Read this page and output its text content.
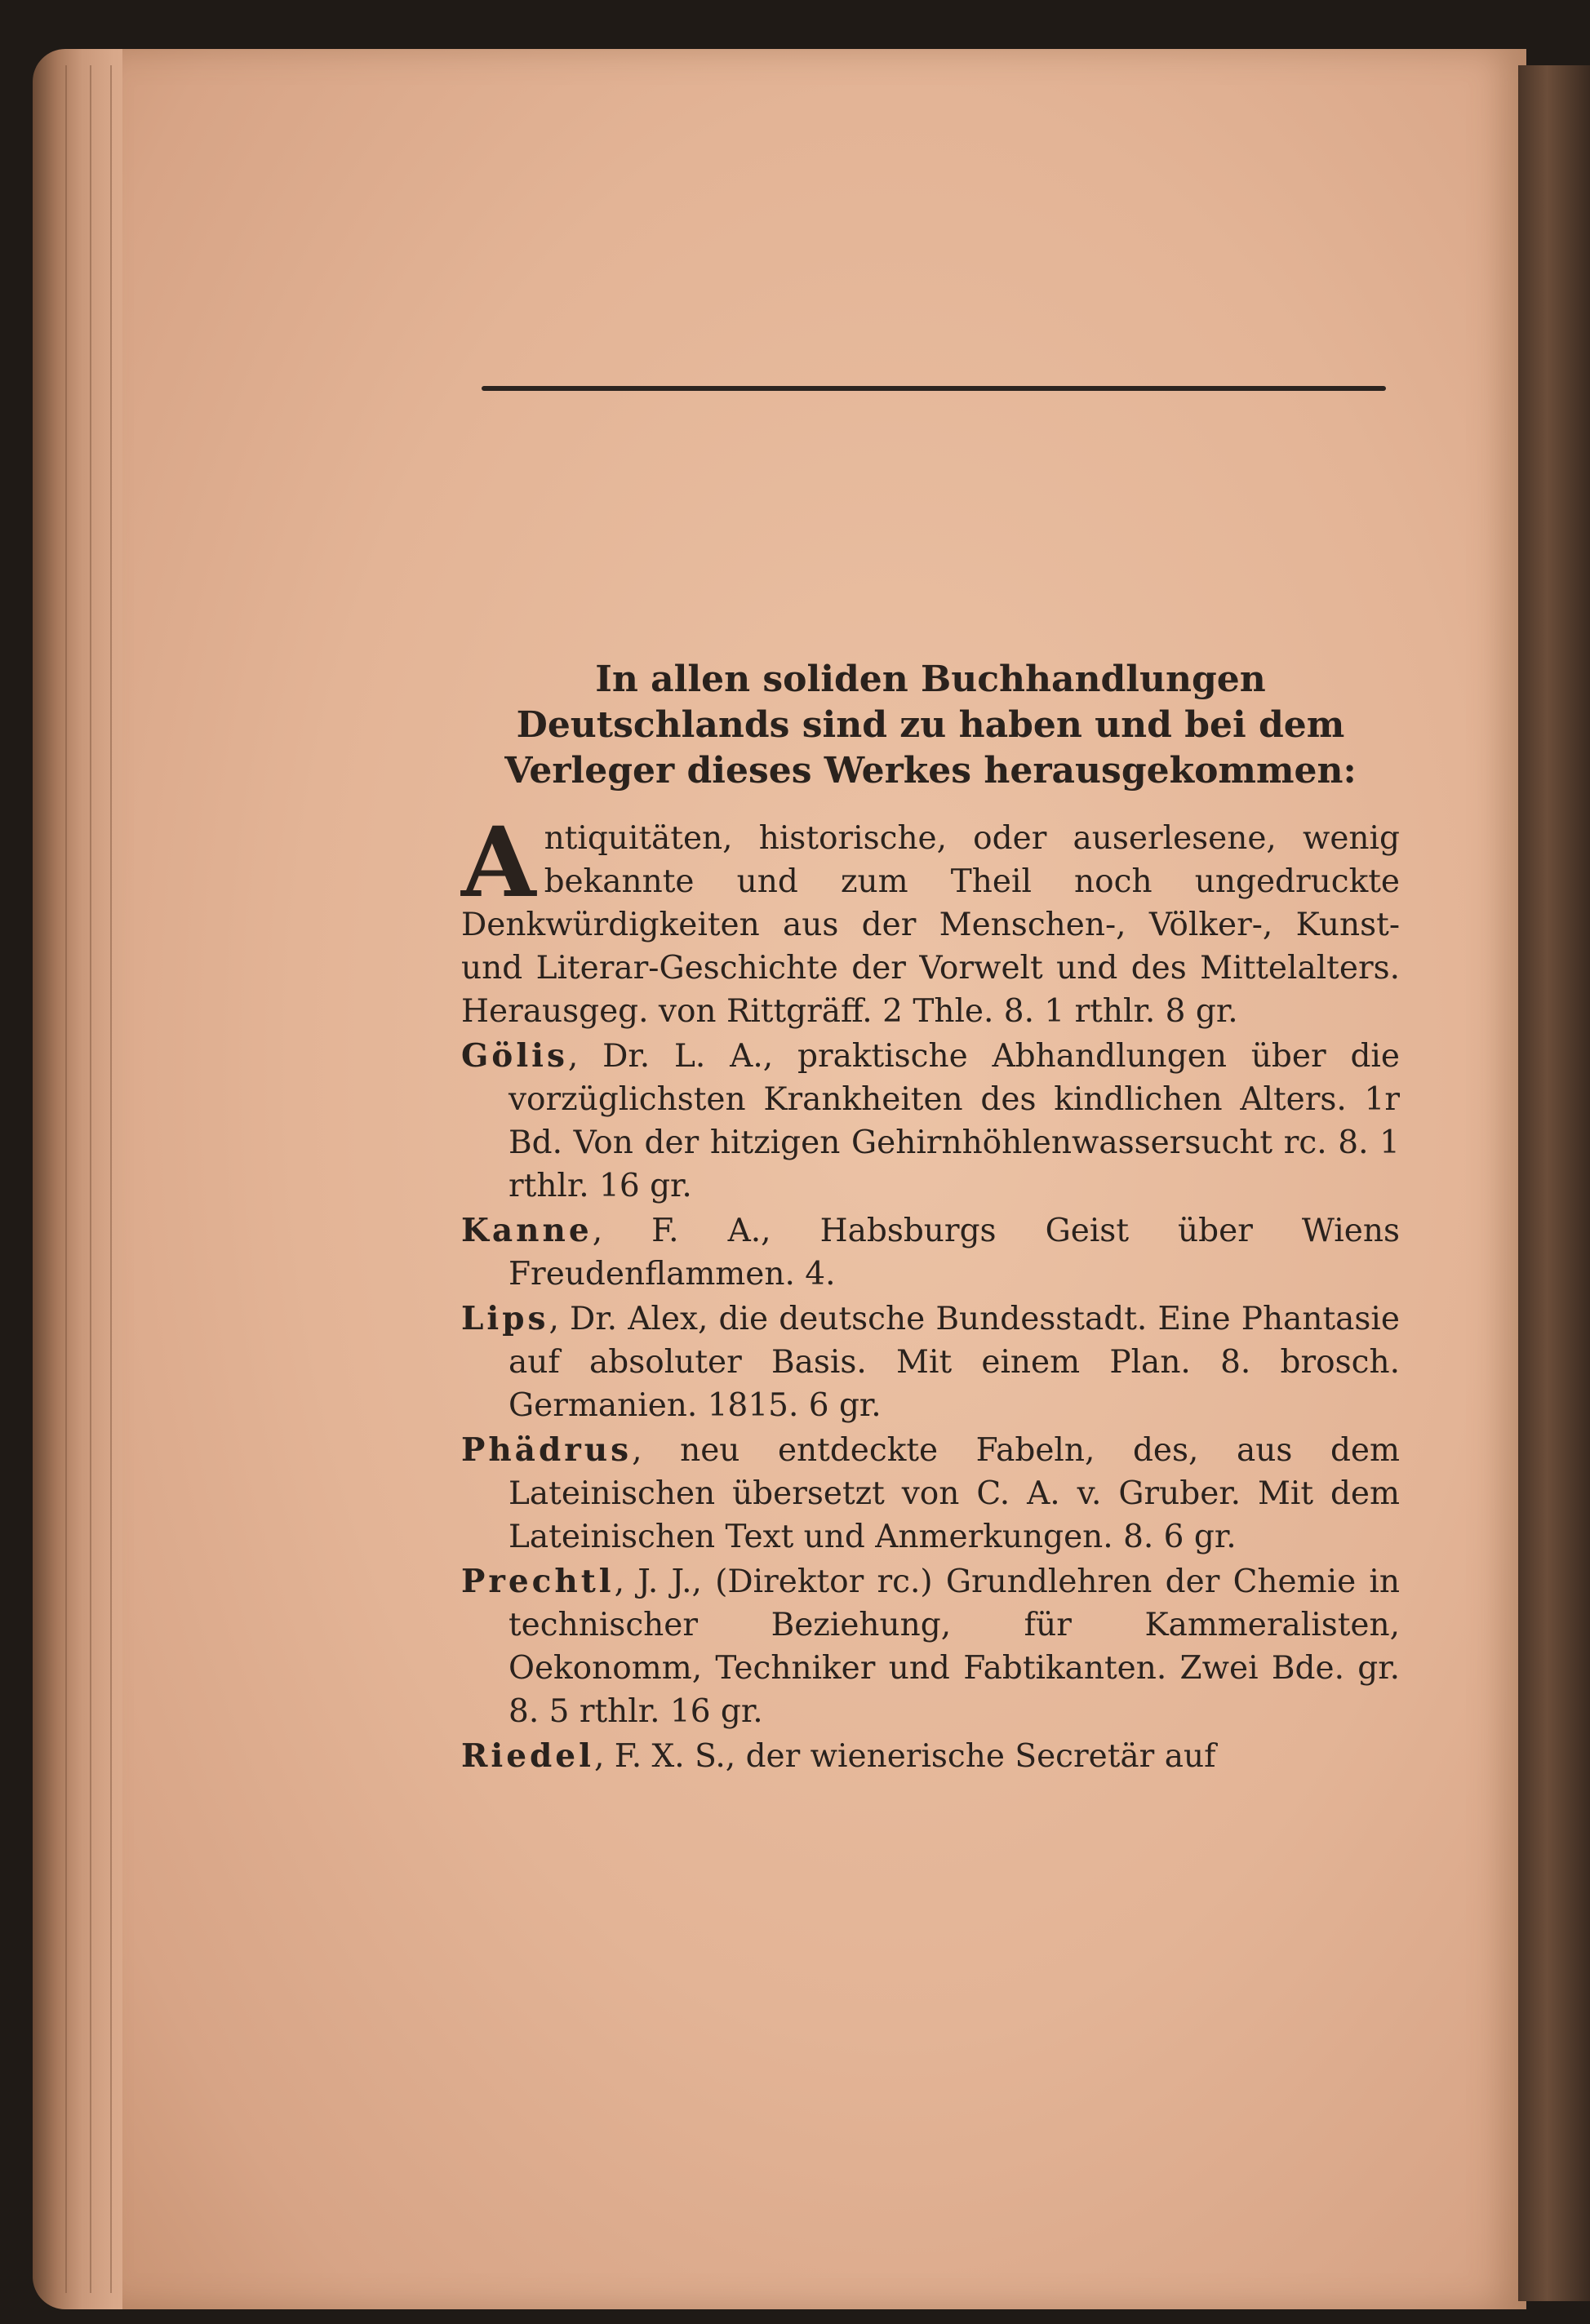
In allen soliden Buchhandlungen Deutschlands sind zu haben und bei dem Verleger dieses Werkes herausgekommen:

Antiquitäten, historische, oder auserlesene, wenig bekannte und zum Theil noch ungedruckte Denkwürdigkeiten aus der Menschen-, Völker-, Kunst- und Literar-Geschichte der Vorwelt und des Mittelalters. Herausgeg. von Rittgräff. 2 Thle. 8. 1 rthlr. 8 gr.

Gölis, Dr. L. A., praktische Abhandlungen über die vorzüglichsten Krankheiten des kindlichen Alters. 1r Bd. Von der hitzigen Gehirnhöhlenwassersucht rc. 8. 1 rthlr. 16 gr.

Kanne, F. A., Habsburgs Geist über Wiens Freudenflammen. 4.

Lips, Dr. Alex, die deutsche Bundesstadt. Eine Phantasie auf absoluter Basis. Mit einem Plan. 8. brosch. Germanien. 1815. 6 gr.

Phädrus, neu entdeckte Fabeln, des, aus dem Lateinischen übersetzt von C. A. v. Gruber. Mit dem Lateinischen Text und Anmerkungen. 8. 6 gr.

Prechtl, J. J., (Direktor rc.) Grundlehren der Chemie in technischer Beziehung, für Kammeralisten, Oekonomm, Techniker und Fabtikanten. Zwei Bde. gr. 8. 5 rthlr. 16 gr.

Riedel, F. X. S., der wienerische Secretär auf
